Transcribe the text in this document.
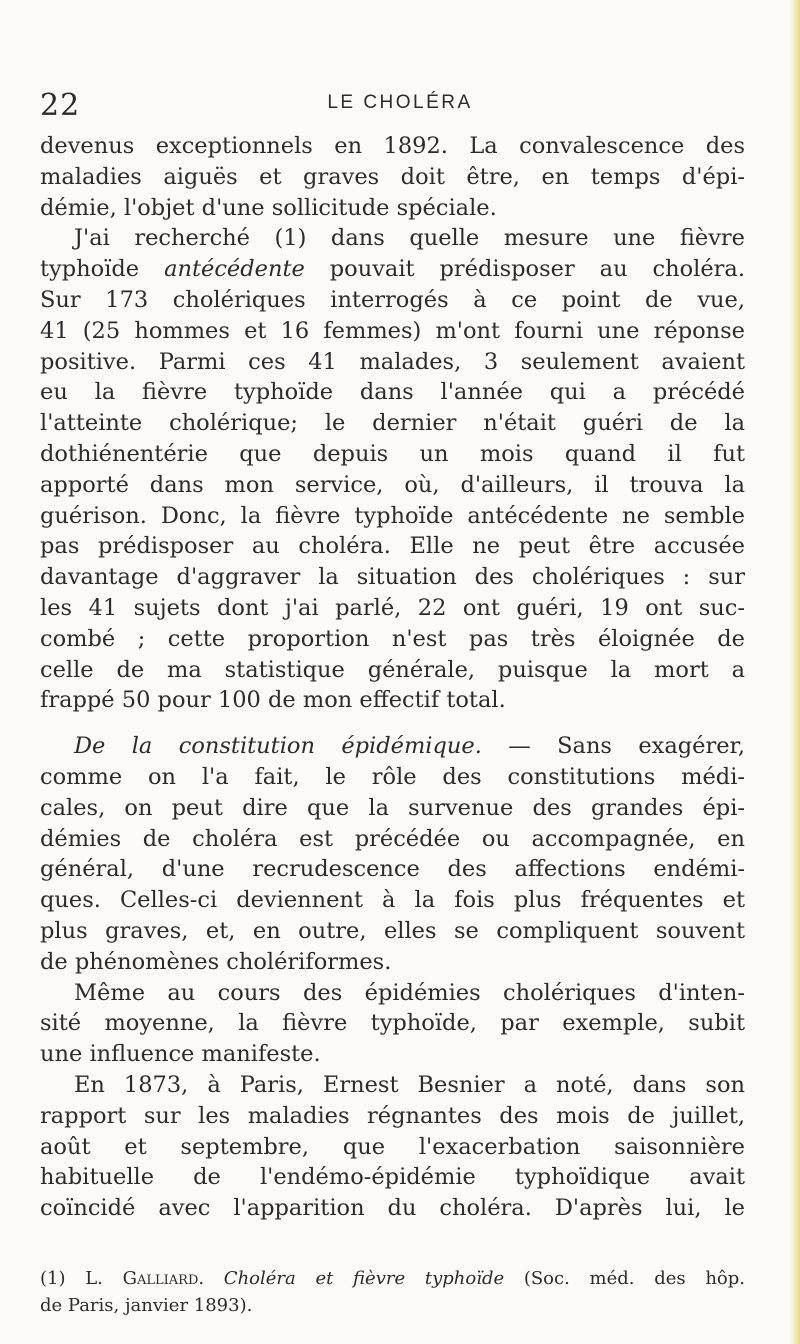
22	LE CHOLÉRA
devenus exceptionnels en 1892. La convalescence des
maladies aiguës et graves doit être, en temps d'épi-
démie, l'objet d'une sollicitude spéciale.
J'ai recherché (1) dans quelle mesure une fièvre
typhoïde antécédente pouvait prédisposer au choléra.
Sur 173 cholériques interrogés à ce point de vue,
41 (25 hommes et 16 femmes) m'ont fourni une réponse
positive. Parmi ces 41 malades, 3 seulement avaient
eu la fièvre typhoïde dans l'année qui a précédé
l'atteinte cholérique; le dernier n'était guéri de la
dothiénentérie que depuis un mois quand il fut
apporté dans mon service, où, d'ailleurs, il trouva la
guérison. Donc, la fièvre typhoïde antécédente ne semble
pas prédisposer au choléra. Elle ne peut être accusée
davantage d'aggraver la situation des cholériques : sur
les 41 sujets dont j'ai parlé, 22 ont guéri, 19 ont suc-
combé ; cette proportion n'est pas très éloignée de
celle de ma statistique générale, puisque la mort a
frappé 50 pour 100 de mon effectif total.
De la constitution épidémique. — Sans exagérer,
comme on l'a fait, le rôle des constitutions médi-
cales, on peut dire que la survenue des grandes épi-
démies de choléra est précédée ou accompagnée, en
général, d'une recrudescence des affections endémi-
ques. Celles-ci deviennent à la fois plus fréquentes et
plus graves, et, en outre, elles se compliquent souvent
de phénomènes cholériformes.
Même au cours des épidémies cholériques d'inten-
sité moyenne, la fièvre typhoïde, par exemple, subit
une influence manifeste.
En 1873, à Paris, Ernest Besnier a noté, dans son
rapport sur les maladies régnantes des mois de juillet,
août et septembre, que l'exacerbation saisonnière
habituelle de l'endémo-épidémie typhoïdique avait
coïncidé avec l'apparition du choléra. D'après lui, le
(1) L. Galliard. Choléra et fièvre typhoïde (Soc. méd. des hôp.
de Paris, janvier 1893).
